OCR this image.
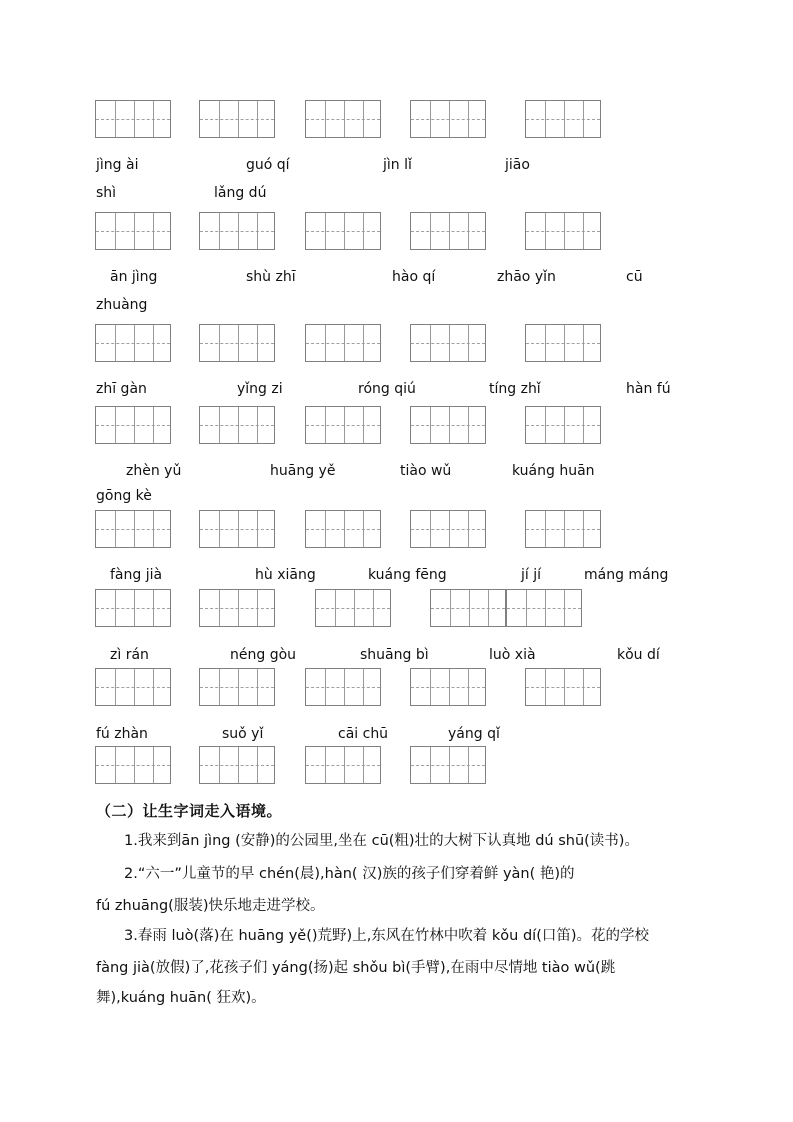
jìng ài	guó qí	jìn lǐ	jiāo
shì	lǎng dú
ān jìng	shù zhī	hào qí	zhāo yǐn	cū
zhuàng
zhī gàn	yǐng zi	róng qiú	tíng zhǐ	hàn fú
zhèn yǔ	huāng yě	tiào wǔ	kuáng huān
gōng kè
fàng jià	hù xiāng	kuáng fēng	jí jí	máng máng
zì rán	néng gòu	shuāng bì	luò xià	kǒu dí
fú zhàn	suǒ yǐ	cāi chū	yáng qǐ
（二）让生字词走入语境。
1.我来到ān jìng (安静)的公园里,坐在 cū(粗)壮的大树下认真地 dú shū(读书)。
2.“六一”儿童节的早 chén(晨),hàn( 汉)族的孩子们穿着鲜 yàn( 艳)的
fú zhuāng(服装)快乐地走进学校。
3.春雨 luò(落)在 huāng yě()荒野)上,东风在竹林中吹着 kǒu dí(口笛)。花的学校
fàng jià(放假)了,花孩子们 yáng(扬)起 shǒu bì(手臂),在雨中尽情地 tiào wǔ(跳
舞),kuáng huān( 狂欢)。
